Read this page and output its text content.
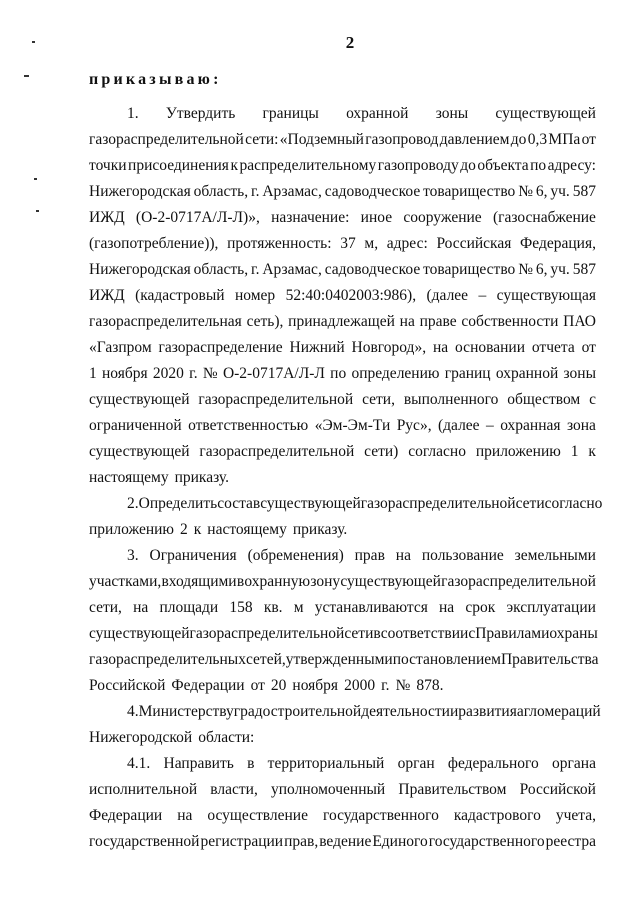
2
приказываю:
1. Утвердить границы охранной зоны существующей
газораспределительной сети: «Подземный газопровод давлением до 0,3 МПа от
точки присоединения к распределительному газопроводу до объекта по адресу:
Нижегородская область, г. Арзамас, садоводческое товарищество № 6, уч. 587
ИЖД (О-2-0717А/Л-Л)», назначение: иное сооружение (газоснабжение
(газопотребление)), протяженность: 37 м, адрес: Российская Федерация,
Нижегородская область, г. Арзамас, садоводческое товарищество № 6, уч. 587
ИЖД (кадастровый номер 52:40:0402003:986), (далее – существующая
газораспределительная сеть), принадлежащей на праве собственности ПАО
«Газпром газораспределение Нижний Новгород», на основании отчета от
1 ноября 2020 г. № О-2-0717А/Л-Л по определению границ охранной зоны
существующей газораспределительной сети, выполненного обществом с
ограниченной ответственностью «Эм-Эм-Ти Рус», (далее – охранная зона
существующей газораспределительной сети) согласно приложению 1 к
настоящему приказу.
2. Определить состав существующей газораспределительной сети согласно
приложению 2 к настоящему приказу.
3. Ограничения (обременения) прав на пользование земельными
участками, входящими в охранную зону существующей газораспределительной
сети, на площади 158 кв. м устанавливаются на срок эксплуатации
существующей газораспределительной сети в соответствии с Правилами охраны
газораспределительных сетей, утвержденными постановлением Правительства
Российской Федерации от 20 ноября 2000 г. № 878.
4. Министерству градостроительной деятельности и развития агломераций
Нижегородской области:
4.1. Направить в территориальный орган федерального органа
исполнительной власти, уполномоченный Правительством Российской
Федерации на осуществление государственного кадастрового учета,
государственной регистрации прав, ведение Единого государственного реестра
